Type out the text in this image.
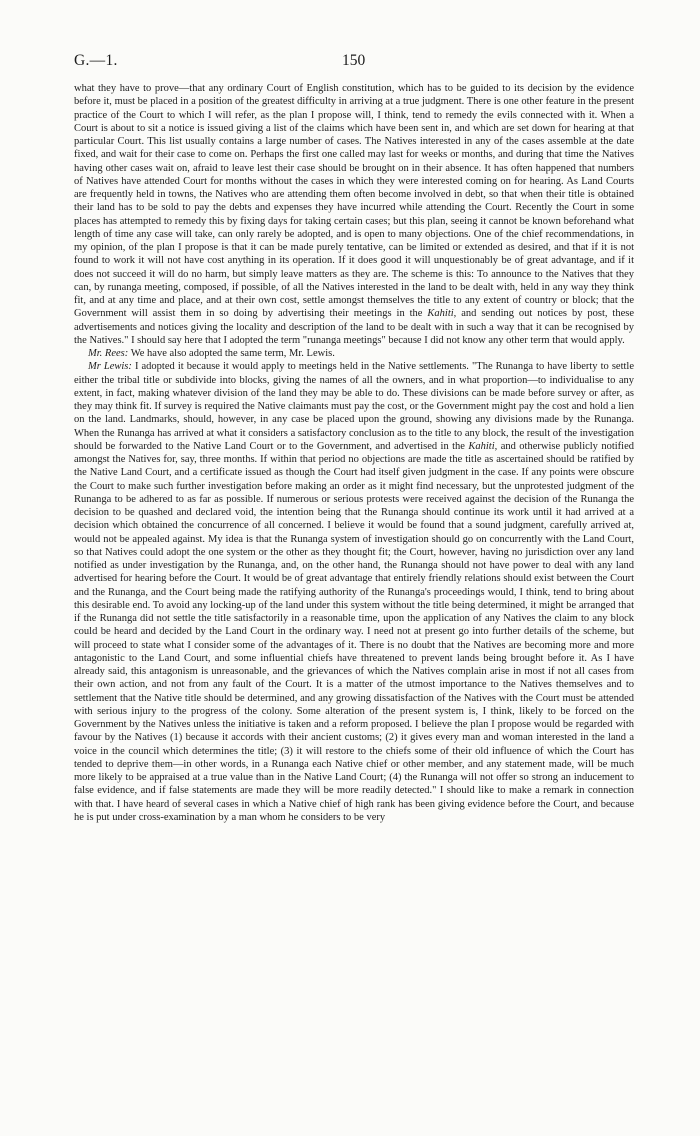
G.—1.	150

what they have to prove—that any ordinary Court of English constitution, which has to be guided to its decision by the evidence before it, must be placed in a position of the greatest difficulty in arriving at a true judgment. There is one other feature in the present practice of the Court to which I will refer, as the plan I propose will, I think, tend to remedy the evils connected with it. When a Court is about to sit a notice is issued giving a list of the claims which have been sent in, and which are set down for hearing at that particular Court. This list usually contains a large number of cases. The Natives interested in any of the cases assemble at the date fixed, and wait for their case to come on. Perhaps the first one called may last for weeks or months, and during that time the Natives having other cases wait on, afraid to leave lest their case should be brought on in their absence. It has often happened that numbers of Natives have attended Court for months without the cases in which they were interested coming on for hearing. As Land Courts are frequently held in towns, the Natives who are attending them often become involved in debt, so that when their title is obtained their land has to be sold to pay the debts and expenses they have incurred while attending the Court. Recently the Court in some places has attempted to remedy this by fixing days for taking certain cases; but this plan, seeing it cannot be known beforehand what length of time any case will take, can only rarely be adopted, and is open to many objections. One of the chief recommendations, in my opinion, of the plan I propose is that it can be made purely tentative, can be limited or extended as desired, and that if it is not found to work it will not have cost anything in its operation. If it does good it will unquestionably be of great advantage, and if it does not succeed it will do no harm, but simply leave matters as they are. The scheme is this: To announce to the Natives that they can, by runanga meeting, composed, if possible, of all the Natives interested in the land to be dealt with, held in any way they think fit, and at any time and place, and at their own cost, settle amongst themselves the title to any extent of country or block; that the Government will assist them in so doing by advertising their meetings in the Kahiti, and sending out notices by post, these advertisements and notices giving the locality and description of the land to be dealt with in such a way that it can be recognised by the Natives." I should say here that I adopted the term "runanga meetings" because I did not know any other term that would apply.

Mr. Rees: We have also adopted the same term, Mr. Lewis.

Mr Lewis: I adopted it because it would apply to meetings held in the Native settlements. "The Runanga to have liberty to settle either the tribal title or subdivide into blocks, giving the names of all the owners, and in what proportion—to individualise to any extent, in fact, making whatever division of the land they may be able to do. These divisions can be made before survey or after, as they may think fit. If survey is required the Native claimants must pay the cost, or the Government might pay the cost and hold a lien on the land. Landmarks, should, however, in any case be placed upon the ground, showing any divisions made by the Runanga. When the Runanga has arrived at what it considers a satisfactory conclusion as to the title to any block, the result of the investigation should be forwarded to the Native Land Court or to the Government, and advertised in the Kahiti, and otherwise publicly notified amongst the Natives for, say, three months. If within that period no objections are made the title as ascertained should be ratified by the Native Land Court, and a certificate issued as though the Court had itself given judgment in the case. If any points were obscure the Court to make such further investigation before making an order as it might find necessary, but the unprotested judgment of the Runanga to be adhered to as far as possible. If numerous or serious protests were received against the decision of the Runanga the decision to be quashed and declared void, the intention being that the Runanga should continue its work until it had arrived at a decision which obtained the concurrence of all concerned. I believe it would be found that a sound judgment, carefully arrived at, would not be appealed against. My idea is that the Runanga system of investigation should go on concurrently with the Land Court, so that Natives could adopt the one system or the other as they thought fit; the Court, however, having no jurisdiction over any land notified as under investigation by the Runanga, and, on the other hand, the Runanga should not have power to deal with any land advertised for hearing before the Court. It would be of great advantage that entirely friendly relations should exist between the Court and the Runanga, and the Court being made the ratifying authority of the Runanga's proceedings would, I think, tend to bring about this desirable end. To avoid any locking-up of the land under this system without the title being determined, it might be arranged that if the Runanga did not settle the title satisfactorily in a reasonable time, upon the application of any Natives the claim to any block could be heard and decided by the Land Court in the ordinary way. I need not at present go into further details of the scheme, but will proceed to state what I consider some of the advantages of it. There is no doubt that the Natives are becoming more and more antagonistic to the Land Court, and some influential chiefs have threatened to prevent lands being brought before it. As I have already said, this antagonism is unreasonable, and the grievances of which the Natives complain arise in most if not all cases from their own action, and not from any fault of the Court. It is a matter of the utmost importance to the Natives themselves and to settlement that the Native title should be determined, and any growing dissatisfaction of the Natives with the Court must be attended with serious injury to the progress of the colony. Some alteration of the present system is, I think, likely to be forced on the Government by the Natives unless the initiative is taken and a reform proposed. I believe the plan I propose would be regarded with favour by the Natives (1) because it accords with their ancient customs; (2) it gives every man and woman interested in the land a voice in the council which determines the title; (3) it will restore to the chiefs some of their old influence of which the Court has tended to deprive them—in other words, in a Runanga each Native chief or other member, and any statement made, will be much more likely to be appraised at a true value than in the Native Land Court; (4) the Runanga will not offer so strong an inducement to false evidence, and if false statements are made they will be more readily detected." I should like to make a remark in connection with that. I have heard of several cases in which a Native chief of high rank has been giving evidence before the Court, and because he is put under cross-examination by a man whom he considers to be very
